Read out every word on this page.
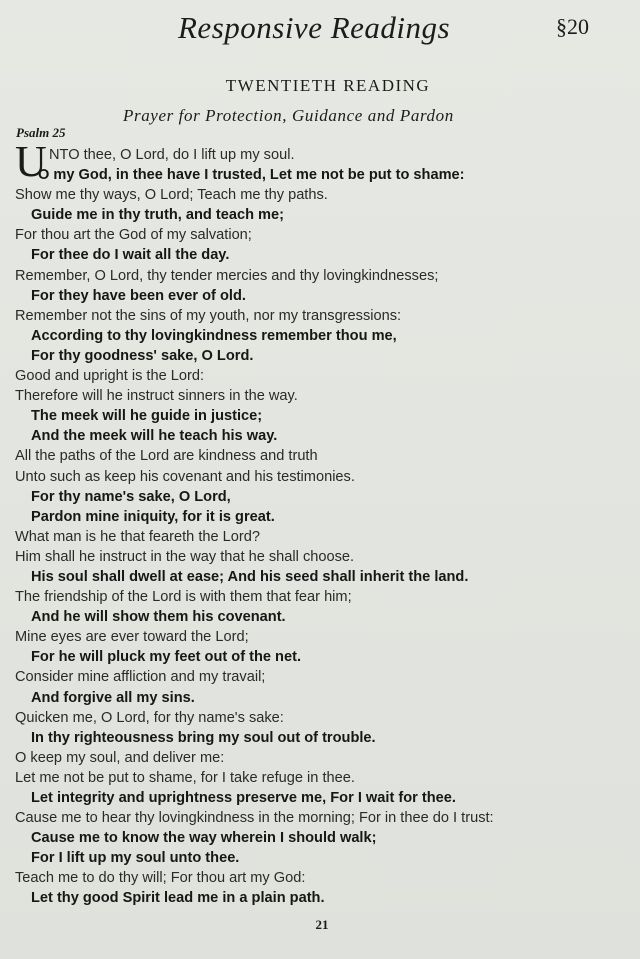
Responsive Readings	§20
TWENTIETH READING
Prayer for Protection, Guidance and Pardon
Psalm 25
U NTO thee, O Lord, do I lift up my soul.
O my God, in thee have I trusted, Let me not be put to shame:
Show me thy ways, O Lord; Teach me thy paths.
Guide me in thy truth, and teach me;
For thou art the God of my salvation;
For thee do I wait all the day.
Remember, O Lord, thy tender mercies and thy lovingkindnesses;
For they have been ever of old.
Remember not the sins of my youth, nor my transgressions:
According to thy lovingkindness remember thou me,
For thy goodness' sake, O Lord.
Good and upright is the Lord:
Therefore will he instruct sinners in the way.
The meek will he guide in justice;
And the meek will he teach his way.
All the paths of the Lord are kindness and truth
Unto such as keep his covenant and his testimonies.
For thy name's sake, O Lord,
Pardon mine iniquity, for it is great.
What man is he that feareth the Lord?
Him shall he instruct in the way that he shall choose.
His soul shall dwell at ease; And his seed shall inherit the land.
The friendship of the Lord is with them that fear him;
And he will show them his covenant.
Mine eyes are ever toward the Lord;
For he will pluck my feet out of the net.
Consider mine affliction and my travail;
And forgive all my sins.
Quicken me, O Lord, for thy name's sake:
In thy righteousness bring my soul out of trouble.
O keep my soul, and deliver me:
Let me not be put to shame, for I take refuge in thee.
Let integrity and uprightness preserve me, For I wait for thee.
Cause me to hear thy lovingkindness in the morning; For in thee do I trust:
Cause me to know the way wherein I should walk;
For I lift up my soul unto thee.
Teach me to do thy will; For thou art my God:
Let thy good Spirit lead me in a plain path.
21
